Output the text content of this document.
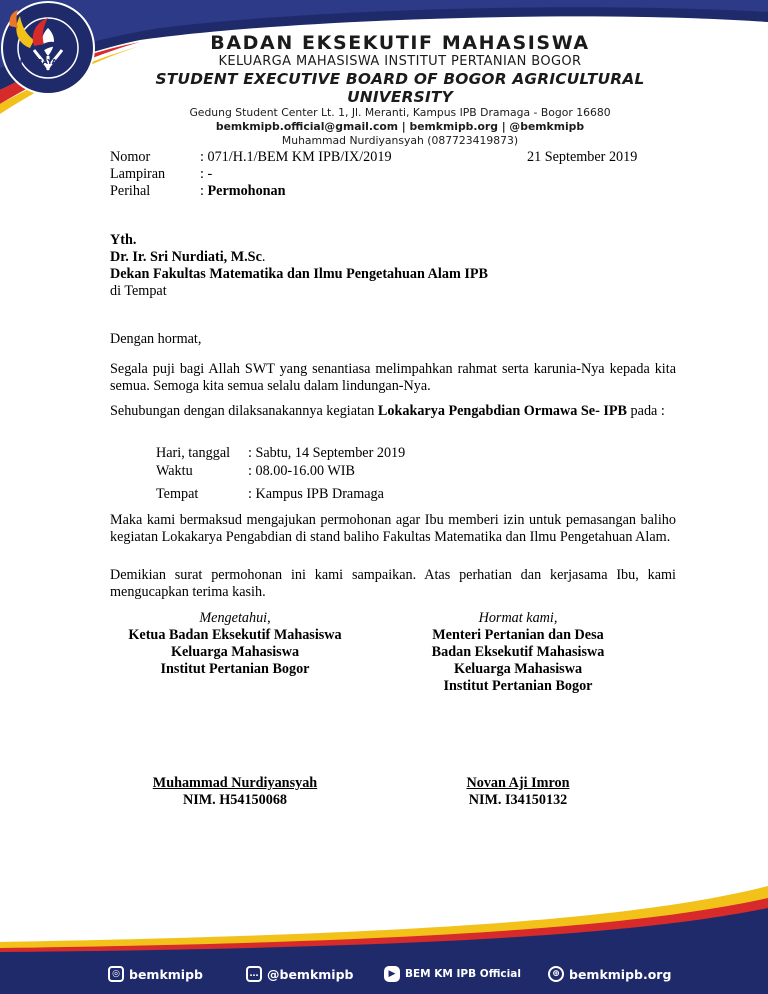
BADAN EKSEKUTIF MAHASISWA
KELUARGA MAHASISWA INSTITUT PERTANIAN BOGOR
STUDENT EXECUTIVE BOARD OF BOGOR AGRICULTURAL UNIVERSITY
Gedung Student Center Lt. 1, Jl. Meranti, Kampus IPB Dramaga - Bogor 16680
bemkmipb.official@gmail.com | bemkmipb.org | @bemkmipb
Muhammad Nurdiyansyah (087723419873)
KARYA RAYA
Nomor	: 071/H.1/BEM KM IPB/IX/2019
Lampiran	: -
Perihal	: Permohonan
21 September 2019
Yth.
Dr. Ir. Sri Nurdiati, M.Sc.
Dekan Fakultas Matematika dan Ilmu Pengetahuan Alam IPB
di Tempat
Dengan hormat,
Segala puji bagi Allah SWT yang senantiasa melimpahkan rahmat serta karunia-Nya kepada kita semua. Semoga kita semua selalu dalam lindungan-Nya.
Sehubungan dengan dilaksanakannya kegiatan Lokakarya Pengabdian Ormawa Se- IPB pada :
Hari, tanggal	: Sabtu, 14 September 2019
Waktu	: 08.00-16.00 WIB
Tempat	: Kampus IPB Dramaga
Maka kami bermaksud mengajukan permohonan agar Ibu memberi izin untuk pemasangan baliho kegiatan Lokakarya Pengabdian di stand baliho Fakultas Matematika dan Ilmu Pengetahuan Alam.
Demikian surat permohonan ini kami sampaikan. Atas perhatian dan kerjasama Ibu, kami mengucapkan terima kasih.
Mengetahui,
Ketua Badan Eksekutif Mahasiswa
Keluarga Mahasiswa
Institut Pertanian Bogor
Muhammad Nurdiyansyah
NIM. H54150068
Hormat kami,
Menteri Pertanian dan Desa
Badan Eksekutif Mahasiswa
Keluarga Mahasiswa
Institut Pertanian Bogor
Novan Aji Imron
NIM. I34150132
◎ bemkmipb	… @bemkmipb	▶ BEM KM IPB Official	⊕ bemkmipb.org
